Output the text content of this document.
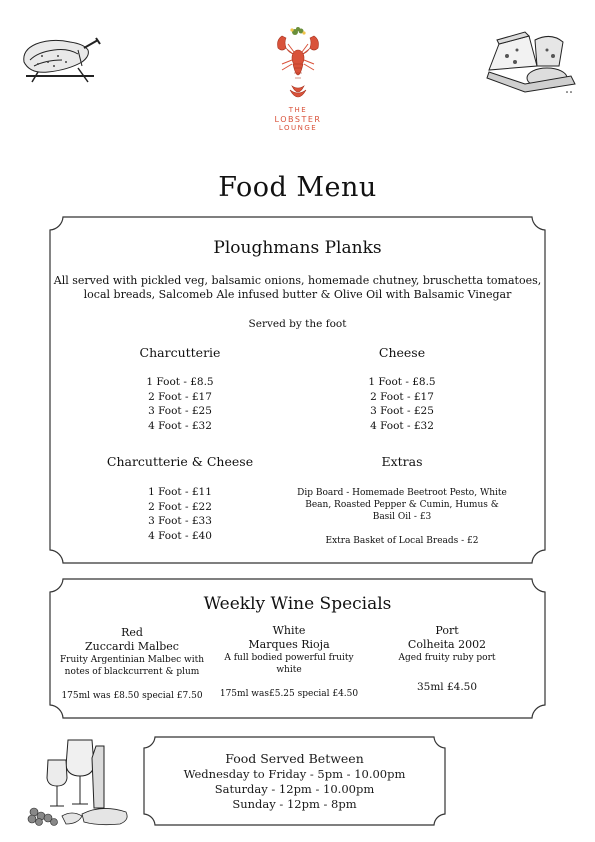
THE
LOBSTER
LOUNGE
Food Menu
Ploughmans Planks
All served with pickled veg, balsamic onions, homemade chutney, bruschetta tomatoes,
local breads, Salcomeb Ale infused butter & Olive Oil with Balsamic Vinegar
Served by the foot
Charcutterie
1 Foot - £8.5
2 Foot - £17
3 Foot - £25
4 Foot - £32
Cheese
1 Foot - £8.5
2 Foot - £17
3 Foot - £25
4 Foot - £32
Charcutterie & Cheese
1 Foot - £11
2 Foot - £22
3 Foot - £33
4 Foot - £40
Extras
Dip Board - Homemade Beetroot Pesto, White
Bean, Roasted Pepper & Cumin, Humus &
Basil Oil - £3
Extra Basket of Local Breads - £2
Weekly Wine Specials
Red
Zuccardi Malbec
Fruity Argentinian Malbec with
notes of blackcurrent & plum
175ml was £8.50 special £7.50
White
Marques Rioja
A full bodied powerful fruity
white
175ml was£5.25 special £4.50
Port
Colheita 2002
Aged fruity ruby port
35ml £4.50
Food Served Between
Wednesday to Friday - 5pm - 10.00pm
Saturday - 12pm - 10.00pm
Sunday - 12pm - 8pm
